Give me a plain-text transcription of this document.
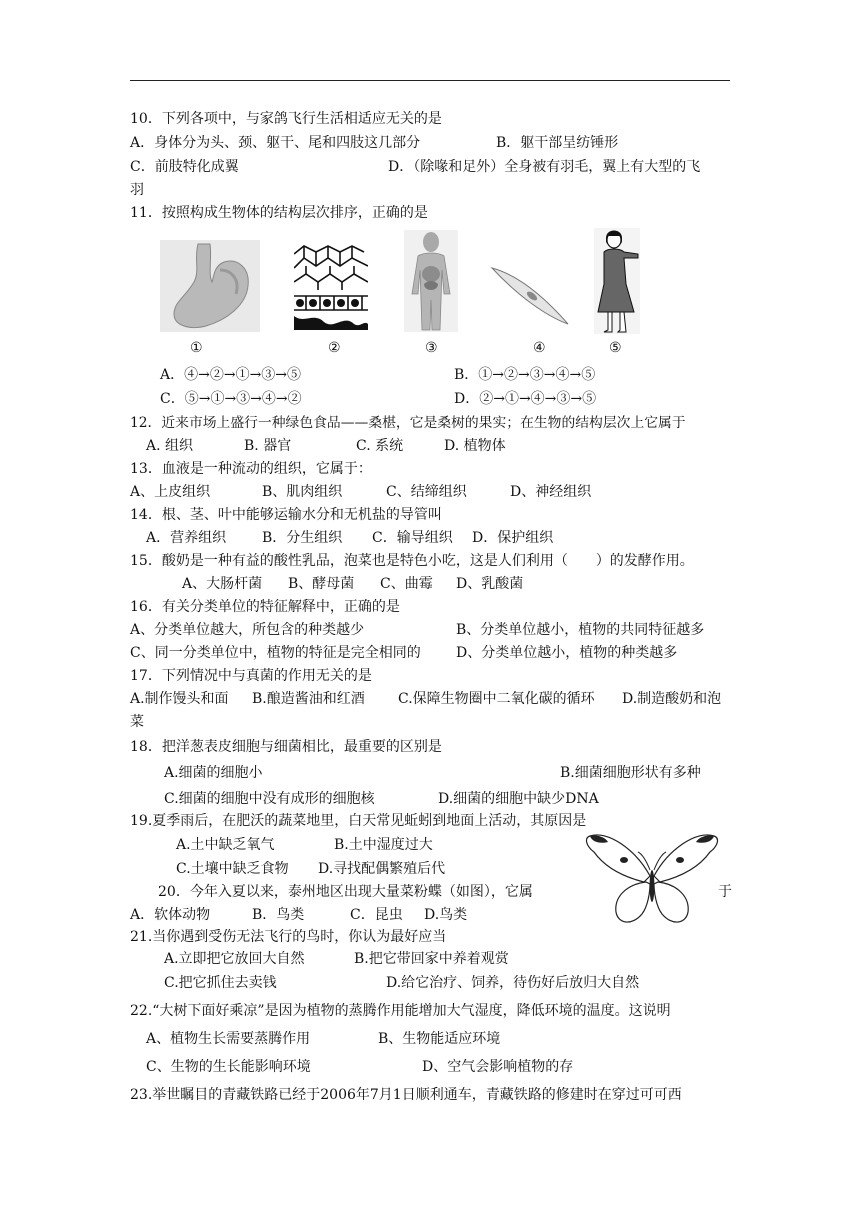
10．下列各项中，与家鸽飞行生活相适应无关的是
A．身体分为头、颈、躯干、尾和四肢这几部分	B．躯干部呈纺锤形
C．前肢特化成翼	D．（除喙和足外）全身被有羽毛，翼上有大型的飞
羽
11．按照构成生物体的结构层次排序，正确的是
①	②	③	④	⑤
A．④→②→①→③→⑤	B．①→②→③→④→⑤
C．⑤→①→③→④→②	D．②→①→④→③→⑤
12．近来市场上盛行一种绿色食品——桑椹，它是桑树的果实；在生物的结构层次上它属于
A. 组织	B. 器官	C. 系统	D. 植物体
13．血液是一种流动的组织，它属于：
A、上皮组织	B、肌肉组织	C、结缔组织	D、神经组织
14．根、茎、叶中能够运输水分和无机盐的导管叫
A．营养组织	B．分生组织 C．输导组织 D．保护组织
15．酸奶是一种有益的酸性乳品，泡菜也是特色小吃，这是人们利用（　　）的发酵作用。
A、大肠杆菌 B、酵母菌 C、曲霉 D、乳酸菌
16．有关分类单位的特征解释中，正确的是
A、分类单位越大，所包含的种类越少	B、分类单位越小，植物的共同特征越多
C、同一分类单位中，植物的特征是完全相同的	D、分类单位越小，植物的种类越多
17．下列情况中与真菌的作用无关的是
A.制作馒头和面 B.酿造酱油和红酒 C.保障生物圈中二氧化碳的循环 D.制造酸奶和泡
菜
18．把洋葱表皮细胞与细菌相比，最重要的区别是
A.细菌的细胞小	B.细菌细胞形状有多种
C.细菌的细胞中没有成形的细胞核	D.细菌的细胞中缺少DNA
19.夏季雨后，在肥沃的蔬菜地里，白天常见蚯蚓到地面上活动，其原因是
A.土中缺乏氧气	B.土中湿度过大
C.土壤中缺乏食物 D.寻找配偶繁殖后代
20．今年入夏以来，泰州地区出现大量菜粉蝶（如图），它属	于
A．软体动物	B．鸟类	C．昆虫 D.鸟类
21.当你遇到受伤无法飞行的鸟时，你认为最好应当
A.立即把它放回大自然	B.把它带回家中养着观赏
C.把它抓住去卖钱	D.给它治疗、饲养，待伤好后放归大自然
22.“大树下面好乘凉”是因为植物的蒸腾作用能增加大气湿度，降低环境的温度。这说明
A、植物生长需要蒸腾作用	B、生物能适应环境
C、生物的生长能影响环境	D、空气会影响植物的存
23.举世瞩目的青藏铁路已经于2006年7月1日顺利通车，青藏铁路的修建时在穿过可可西
